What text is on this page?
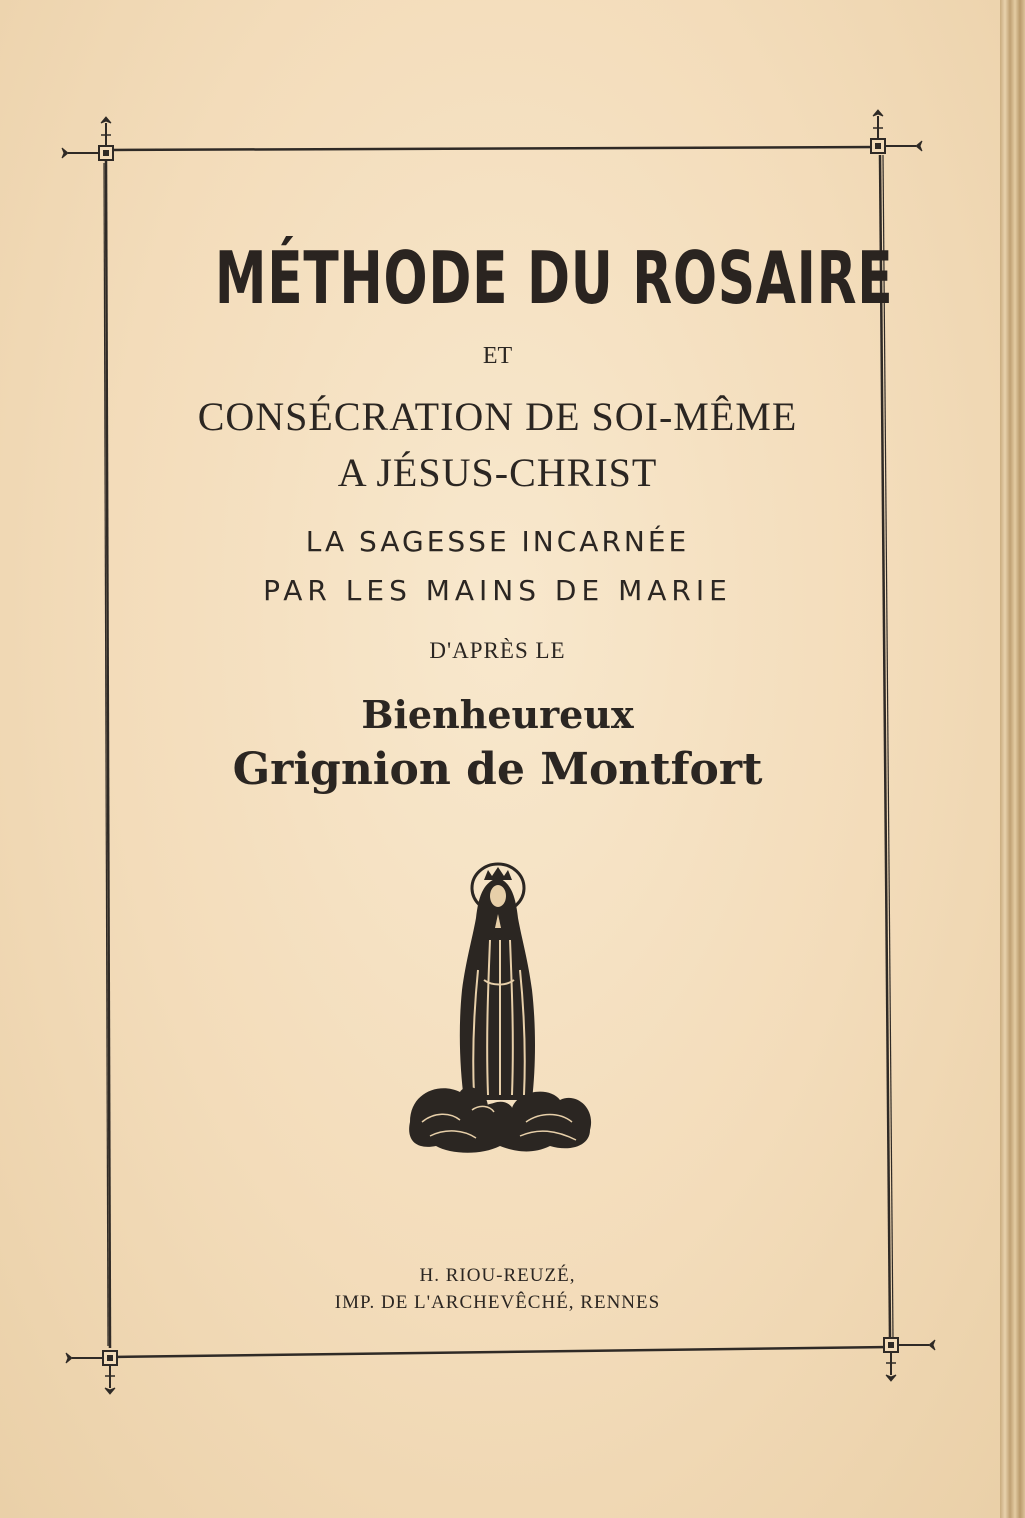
MÉTHODE DU ROSAIRE
ET
CONSÉCRATION DE SOI-MÊME
A JÉSUS-CHRIST
LA SAGESSE INCARNÉE
PAR LES MAINS DE MARIE
D'APRÈS LE
Bienheureux
Grignion de Montfort
H. RIOU-REUZÉ,
IMP. DE L'ARCHEVÊCHÉ, RENNES
